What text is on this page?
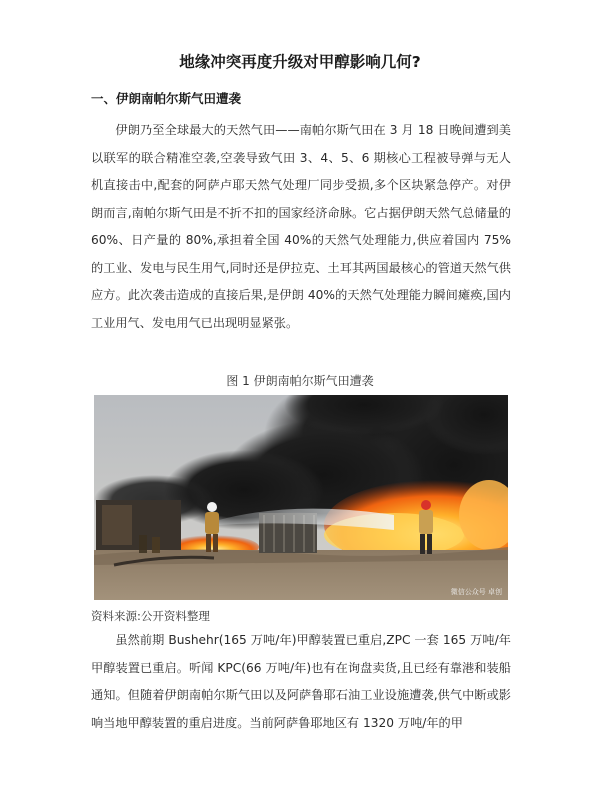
地缘冲突再度升级对甲醇影响几何?
一、伊朗南帕尔斯气田遭袭

伊朗乃至全球最大的天然气田——南帕尔斯气田在 3 月 18 日晚间遭到美以联军的联合精准空袭,空袭导致气田 3、4、5、6 期核心工程被导弹与无人机直接击中,配套的阿萨卢耶天然气处理厂同步受损,多个区块紧急停产。对伊朗而言,南帕尔斯气田是不折不扣的国家经济命脉。它占据伊朗天然气总储量的 60%、日产量的 80%,承担着全国 40%的天然气处理能力,供应着国内 75%的工业、发电与民生用气,同时还是伊拉克、土耳其两国最核心的管道天然气供应方。此次袭击造成的直接后果,是伊朗 40%的天然气处理能力瞬间瘫痪,国内工业用气、发电用气已出现明显紧张。

图 1 伊朗南帕尔斯气田遭袭
微信公众号 卓创
资料来源:公开资料整理

虽然前期 Bushehr(165 万吨/年)甲醇装置已重启,ZPC 一套 165 万吨/年甲醇装置已重启。听闻 KPC(66 万吨/年)也有在询盘卖货,且已经有靠港和装船通知。但随着伊朗南帕尔斯气田以及阿萨鲁耶石油工业设施遭袭,供气中断或影响当地甲醇装置的重启进度。当前阿萨鲁耶地区有 1320 万吨/年的甲
